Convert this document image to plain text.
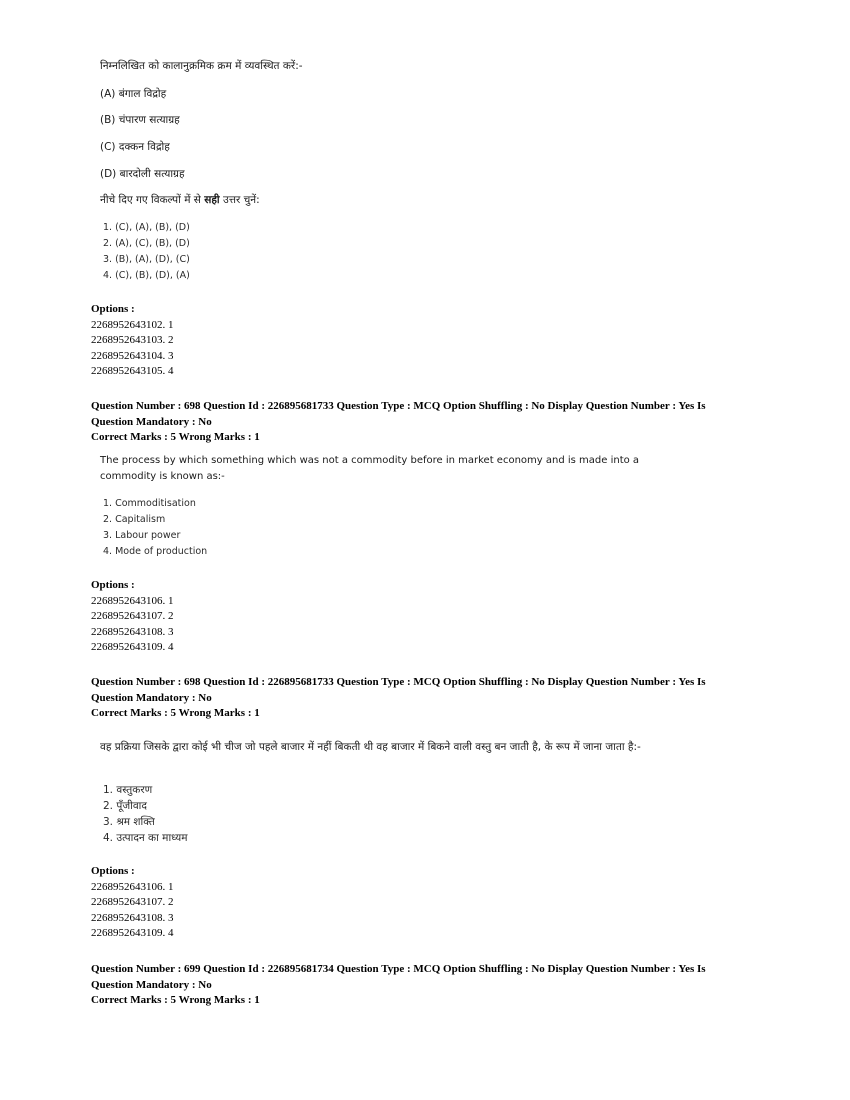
निम्नलिखित को कालानुक्रमिक क्रम में व्यवस्थित करें:-
(A) बंगाल विद्रोह
(B) चंपारण सत्याग्रह
(C) दक्कन विद्रोह
(D) बारदोली सत्याग्रह
नीचे दिए गए विकल्पों में से सही उत्तर चुनें:
1. (C), (A), (B), (D)
2. (A), (C), (B), (D)
3. (B), (A), (D), (C)
4. (C), (B), (D), (A)
Options :
2268952643102. 1
2268952643103. 2
2268952643104. 3
2268952643105. 4
Question Number : 698 Question Id : 226895681733 Question Type : MCQ Option Shuffling : No Display Question Number : Yes Is Question Mandatory : No
Correct Marks : 5 Wrong Marks : 1
The process by which something which was not a commodity before in market economy and is made into a commodity is known as:-
1. Commoditisation
2. Capitalism
3. Labour power
4. Mode of production
Options :
2268952643106. 1
2268952643107. 2
2268952643108. 3
2268952643109. 4
Question Number : 698 Question Id : 226895681733 Question Type : MCQ Option Shuffling : No Display Question Number : Yes Is Question Mandatory : No
Correct Marks : 5 Wrong Marks : 1
वह प्रक्रिया जिसके द्वारा कोई भी चीज जो पहले बाजार में नहीं बिकती थी वह बाजार में बिकने वाली वस्तु बन जाती है, के रूप में जाना जाता है:-
1. वस्तुकरण
2. पूँजीवाद
3. श्रम शक्ति
4. उत्पादन का माध्यम
Options :
2268952643106. 1
2268952643107. 2
2268952643108. 3
2268952643109. 4
Question Number : 699 Question Id : 226895681734 Question Type : MCQ Option Shuffling : No Display Question Number : Yes Is Question Mandatory : No
Correct Marks : 5 Wrong Marks : 1
